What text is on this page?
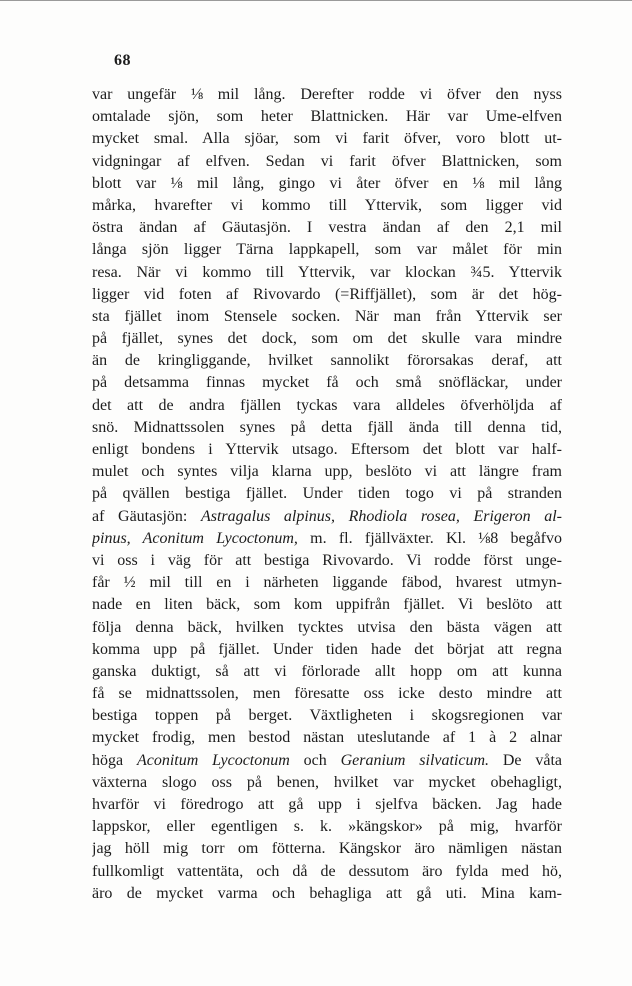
68
var ungefär ⅛ mil lång. Derefter rodde vi öfver den nyss
omtalade sjön, som heter Blattnicken. Här var Ume-elfven
mycket smal. Alla sjöar, som vi farit öfver, voro blott ut-
vidgningar af elfven. Sedan vi farit öfver Blattnicken, som
blott var ⅛ mil lång, gingo vi åter öfver en ⅛ mil lång
mårka, hvarefter vi kommo till Yttervik, som ligger vid
östra ändan af Gäutasjön. I vestra ändan af den 2,1 mil
långa sjön ligger Tärna lappkapell, som var målet för min
resa. När vi kommo till Yttervik, var klockan ¾5. Yttervik
ligger vid foten af Rivovardo (=Riffjället), som är det hög-
sta fjället inom Stensele socken. När man från Yttervik ser
på fjället, synes det dock, som om det skulle vara mindre
än de kringliggande, hvilket sannolikt förorsakas deraf, att
på detsamma finnas mycket få och små snöfläckar, under
det att de andra fjällen tyckas vara alldeles öfverhöljda af
snö. Midnattssolen synes på detta fjäll ända till denna tid,
enligt bondens i Yttervik utsago. Eftersom det blott var half-
mulet och syntes vilja klarna upp, beslöto vi att längre fram
på qvällen bestiga fjället. Under tiden togo vi på stranden
af Gäutasjön: Astragalus alpinus, Rhodiola rosea, Erigeron al-
pinus, Aconitum Lycoctonum, m. fl. fjällväxter. Kl. ⅛8 begåfvo
vi oss i väg för att bestiga Rivovardo. Vi rodde först unge-
får ½ mil till en i närheten liggande fäbod, hvarest utmyn-
nade en liten bäck, som kom uppifrån fjället. Vi beslöto att
följa denna bäck, hvilken tycktes utvisa den bästa vägen att
komma upp på fjället. Under tiden hade det börjat att regna
ganska duktigt, så att vi förlorade allt hopp om att kunna
få se midnattssolen, men föresatte oss icke desto mindre att
bestiga toppen på berget. Växtligheten i skogsregionen var
mycket frodig, men bestod nästan uteslutande af 1 à 2 alnar
höga Aconitum Lycoctonum och Geranium silvaticum. De våta
växterna slogo oss på benen, hvilket var mycket obehagligt,
hvarför vi föredrogo att gå upp i sjelfva bäcken. Jag hade
lappskor, eller egentligen s. k. »kängskor» på mig, hvarför
jag höll mig torr om fötterna. Kängskor äro nämligen nästan
fullkomligt vattentäta, och då de dessutom äro fylda med hö,
äro de mycket varma och behagliga att gå uti. Mina kam-
